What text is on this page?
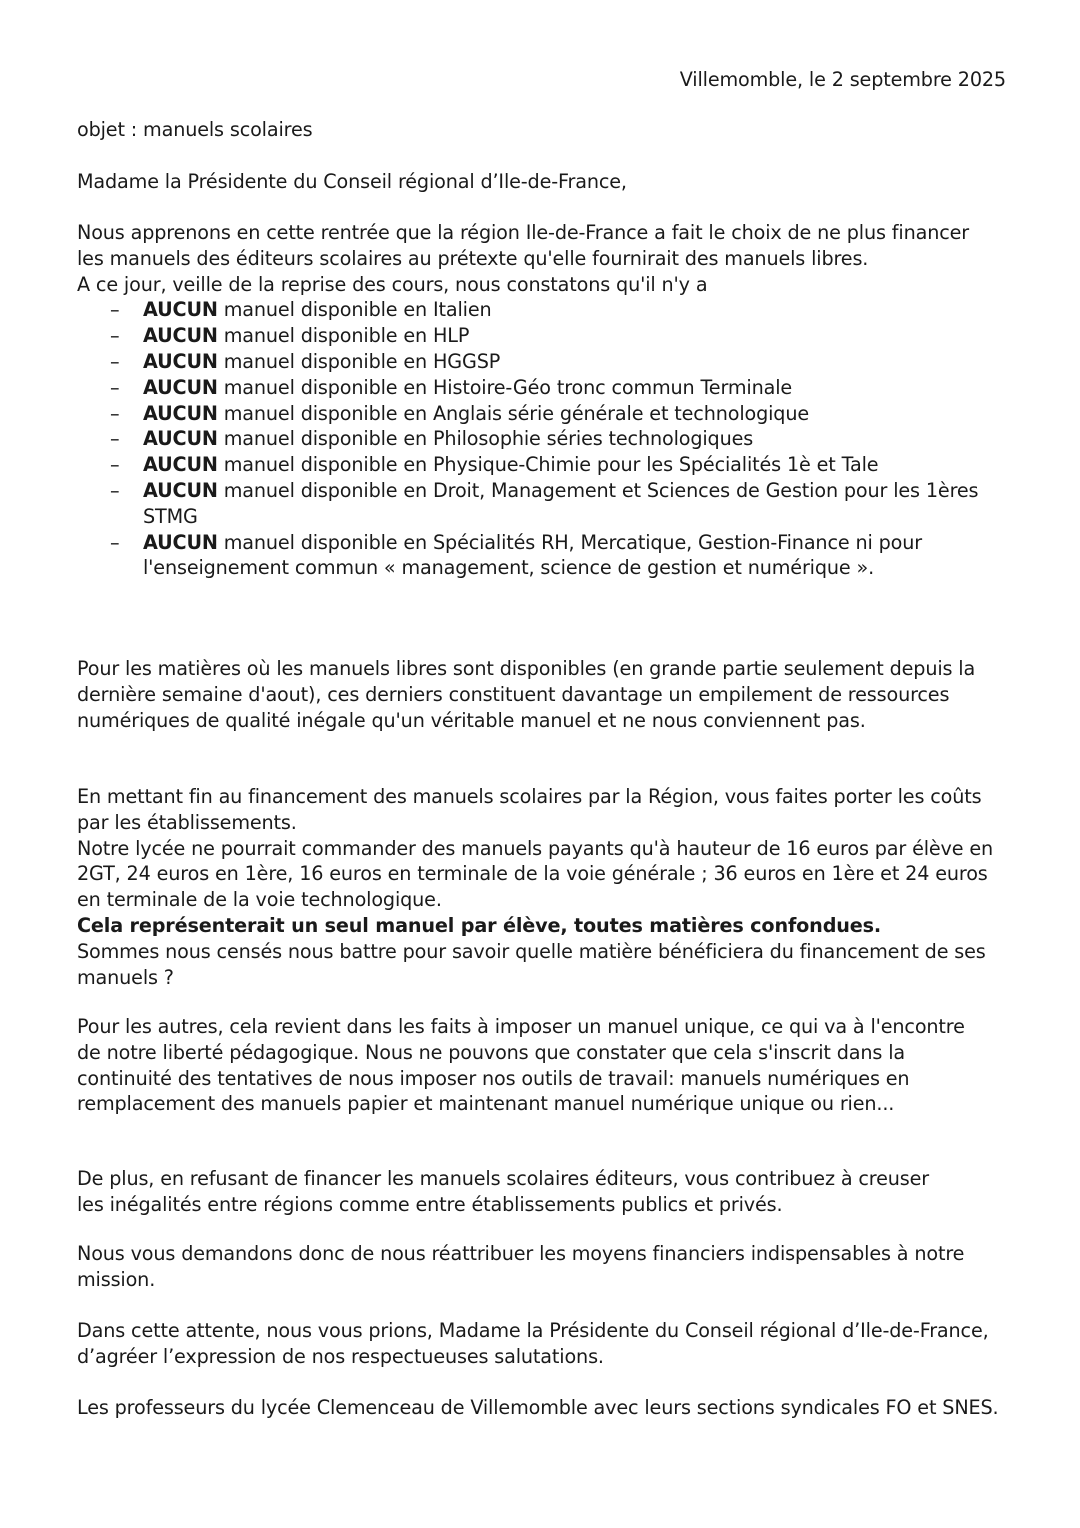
Villemomble, le 2 septembre 2025
objet : manuels scolaires
Madame la Présidente du Conseil régional d’Ile-de-France,
Nous apprenons en cette rentrée que la région Ile-de-France a fait le choix de ne plus financer les manuels des éditeurs scolaires au prétexte qu'elle fournirait des manuels libres.
A ce jour, veille de la reprise des cours, nous constatons qu'il n'y a
– AUCUN manuel disponible en Italien
– AUCUN manuel disponible en HLP
– AUCUN manuel disponible en HGGSP
– AUCUN manuel disponible en Histoire-Géo tronc commun Terminale
– AUCUN manuel disponible en Anglais série générale et technologique
– AUCUN manuel disponible en Philosophie séries technologiques
– AUCUN manuel disponible en Physique-Chimie pour les Spécialités 1è et Tale
– AUCUN manuel disponible en Droit, Management et Sciences de Gestion pour les 1ères STMG
– AUCUN manuel disponible en Spécialités RH, Mercatique, Gestion-Finance ni pour l'enseignement commun « management, science de gestion et numérique ».
Pour les matières où les manuels libres sont disponibles (en grande partie seulement depuis la dernière semaine d'aout), ces derniers constituent davantage un empilement de ressources numériques de qualité inégale qu'un véritable manuel et ne nous conviennent pas.
En mettant fin au financement des manuels scolaires par la Région, vous faites porter les coûts par les établissements.
Notre lycée ne pourrait commander des manuels payants qu'à hauteur de 16 euros par élève en 2GT, 24 euros en 1ère, 16 euros en terminale de la voie générale ; 36 euros en 1ère et 24 euros en terminale de la voie technologique.
Cela représenterait un seul manuel par élève, toutes matières confondues.
Sommes nous censés nous battre pour savoir quelle matière bénéficiera du financement de ses manuels ?
Pour les autres, cela revient dans les faits à imposer un manuel unique, ce qui va à l'encontre de notre liberté pédagogique. Nous ne pouvons que constater que cela s'inscrit dans la continuité des tentatives de nous imposer nos outils de travail: manuels numériques en remplacement des manuels papier et maintenant manuel numérique unique ou rien...
De plus, en refusant de financer les manuels scolaires éditeurs, vous contribuez à creuser les inégalités entre régions comme entre établissements publics et privés.
Nous vous demandons donc de nous réattribuer les moyens financiers indispensables à notre mission.
Dans cette attente, nous vous prions, Madame la Présidente du Conseil régional d’Ile-de-France, d’agréer l’expression de nos respectueuses salutations.
Les professeurs du lycée Clemenceau de Villemomble avec leurs sections syndicales FO et SNES.
